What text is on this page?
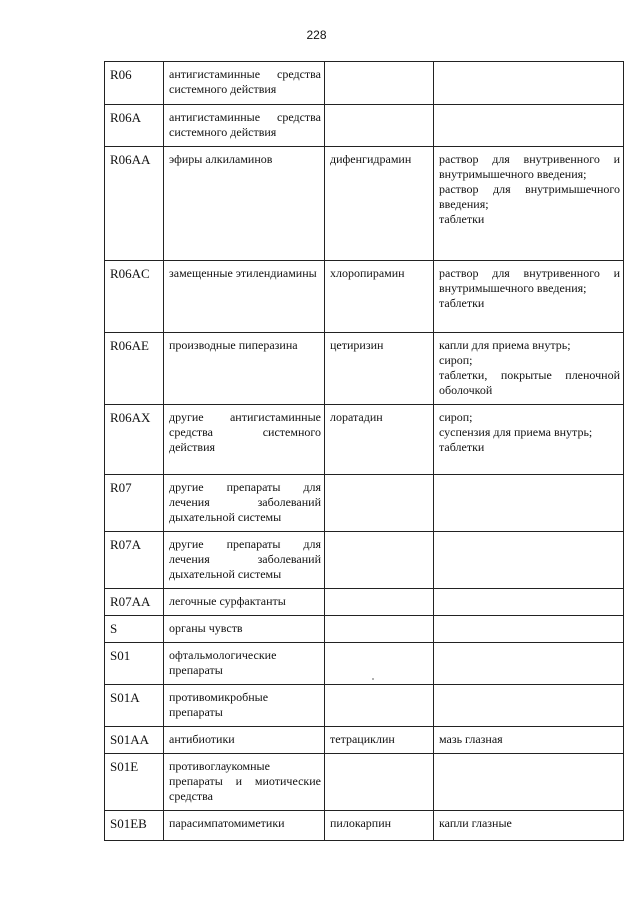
228
R06	антигистаминные средства системного действия		
R06A	антигистаминные средства системного действия		
R06AA	эфиры алкиламинов	дифенгидрамин	раствор для внутривенного и внутримышечного введения;
раствор для внутримышечного введения;
таблетки

R06AC	замещенные этилендиамины	хлоропирамин	раствор для внутривенного и внутримышечного введения;
таблетки

R06AE	производные пиперазина	цетиризин	капли для приема внутрь;
сироп;
таблетки, покрытые пленочной оболочкой

R06AX	другие антигистаминные средства системного действия	лоратадин	сироп;
суспензия для приема внутрь;
таблетки

R07	другие препараты для лечения заболеваний дыхательной системы		
R07A	другие препараты для лечения заболеваний дыхательной системы		
R07AA	легочные сурфактанты		
S	органы чувств		
S01	офтальмологические препараты		
S01A	противомикробные препараты		
S01AA	антибиотики	тетрациклин	мазь глазная

S01E	противоглаукомные препараты и миотические средства		
S01EB	парасимпатомиметики	пилокарпин	капли глазные
